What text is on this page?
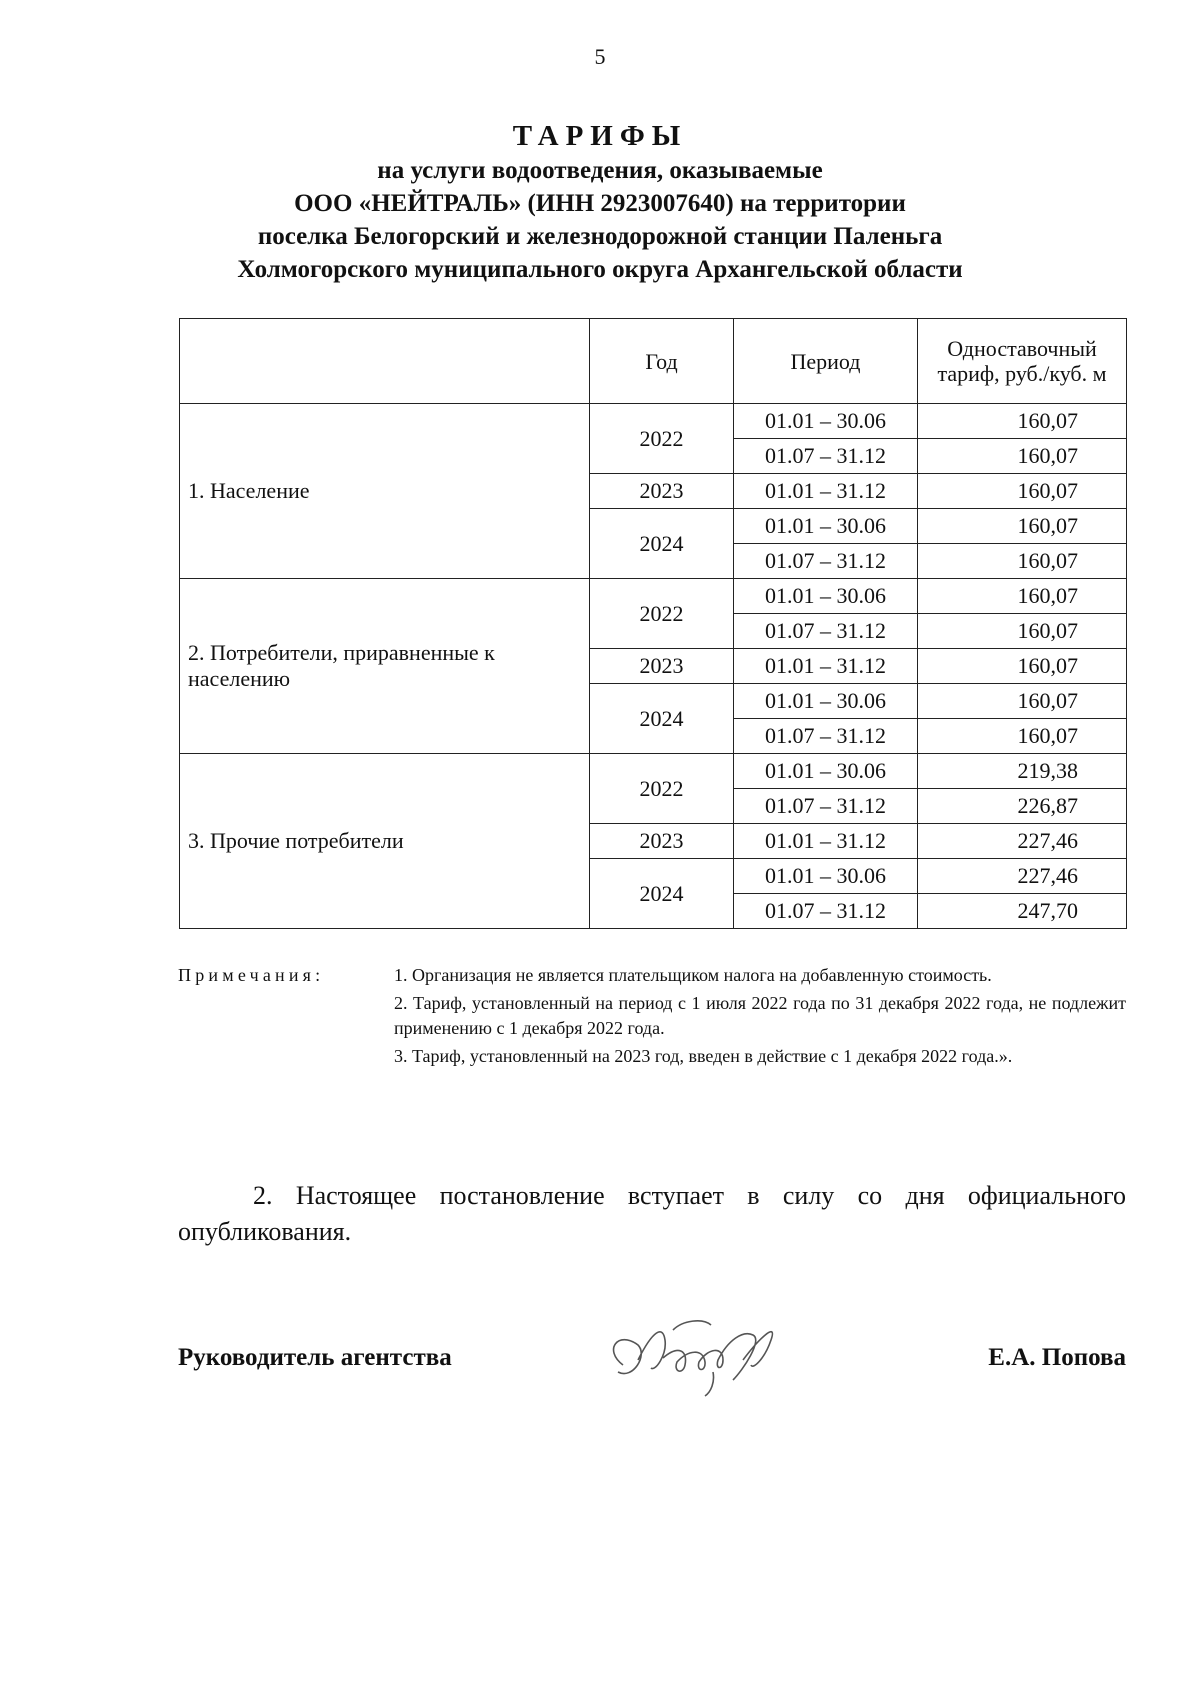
5
ТАРИФЫ
на услуги водоотведения, оказываемые
ООО «НЕЙТРАЛЬ» (ИНН 2923007640) на территории
поселка Белогорский и железнодорожной станции Паленьга
Холмогорского муниципального округа Архангельской области
	Год	Период	Одноставочный тариф, руб./куб. м
1. Население	2022	01.01 – 30.06	160,07
		01.07 – 31.12	160,07
	2023	01.01 – 31.12	160,07
	2024	01.01 – 30.06	160,07
		01.07 – 31.12	160,07
2. Потребители, приравненные к населению	2022	01.01 – 30.06	160,07
		01.07 – 31.12	160,07
	2023	01.01 – 31.12	160,07
	2024	01.01 – 30.06	160,07
		01.07 – 31.12	160,07
3. Прочие потребители	2022	01.01 – 30.06	219,38
		01.07 – 31.12	226,87
	2023	01.01 – 31.12	227,46
	2024	01.01 – 30.06	227,46
		01.07 – 31.12	247,70
Примечания:	1. Организация не является плательщиком налога на добавленную стоимость.
2. Тариф, установленный на период с 1 июля 2022 года по 31 декабря 2022 года, не подлежит применению с 1 декабря 2022 года.
3. Тариф, установленный на 2023 год, введен в действие с 1 декабря 2022 года.».
2. Настоящее постановление вступает в силу со дня официального опубликования.
Руководитель агентства	Е.А. Попова
